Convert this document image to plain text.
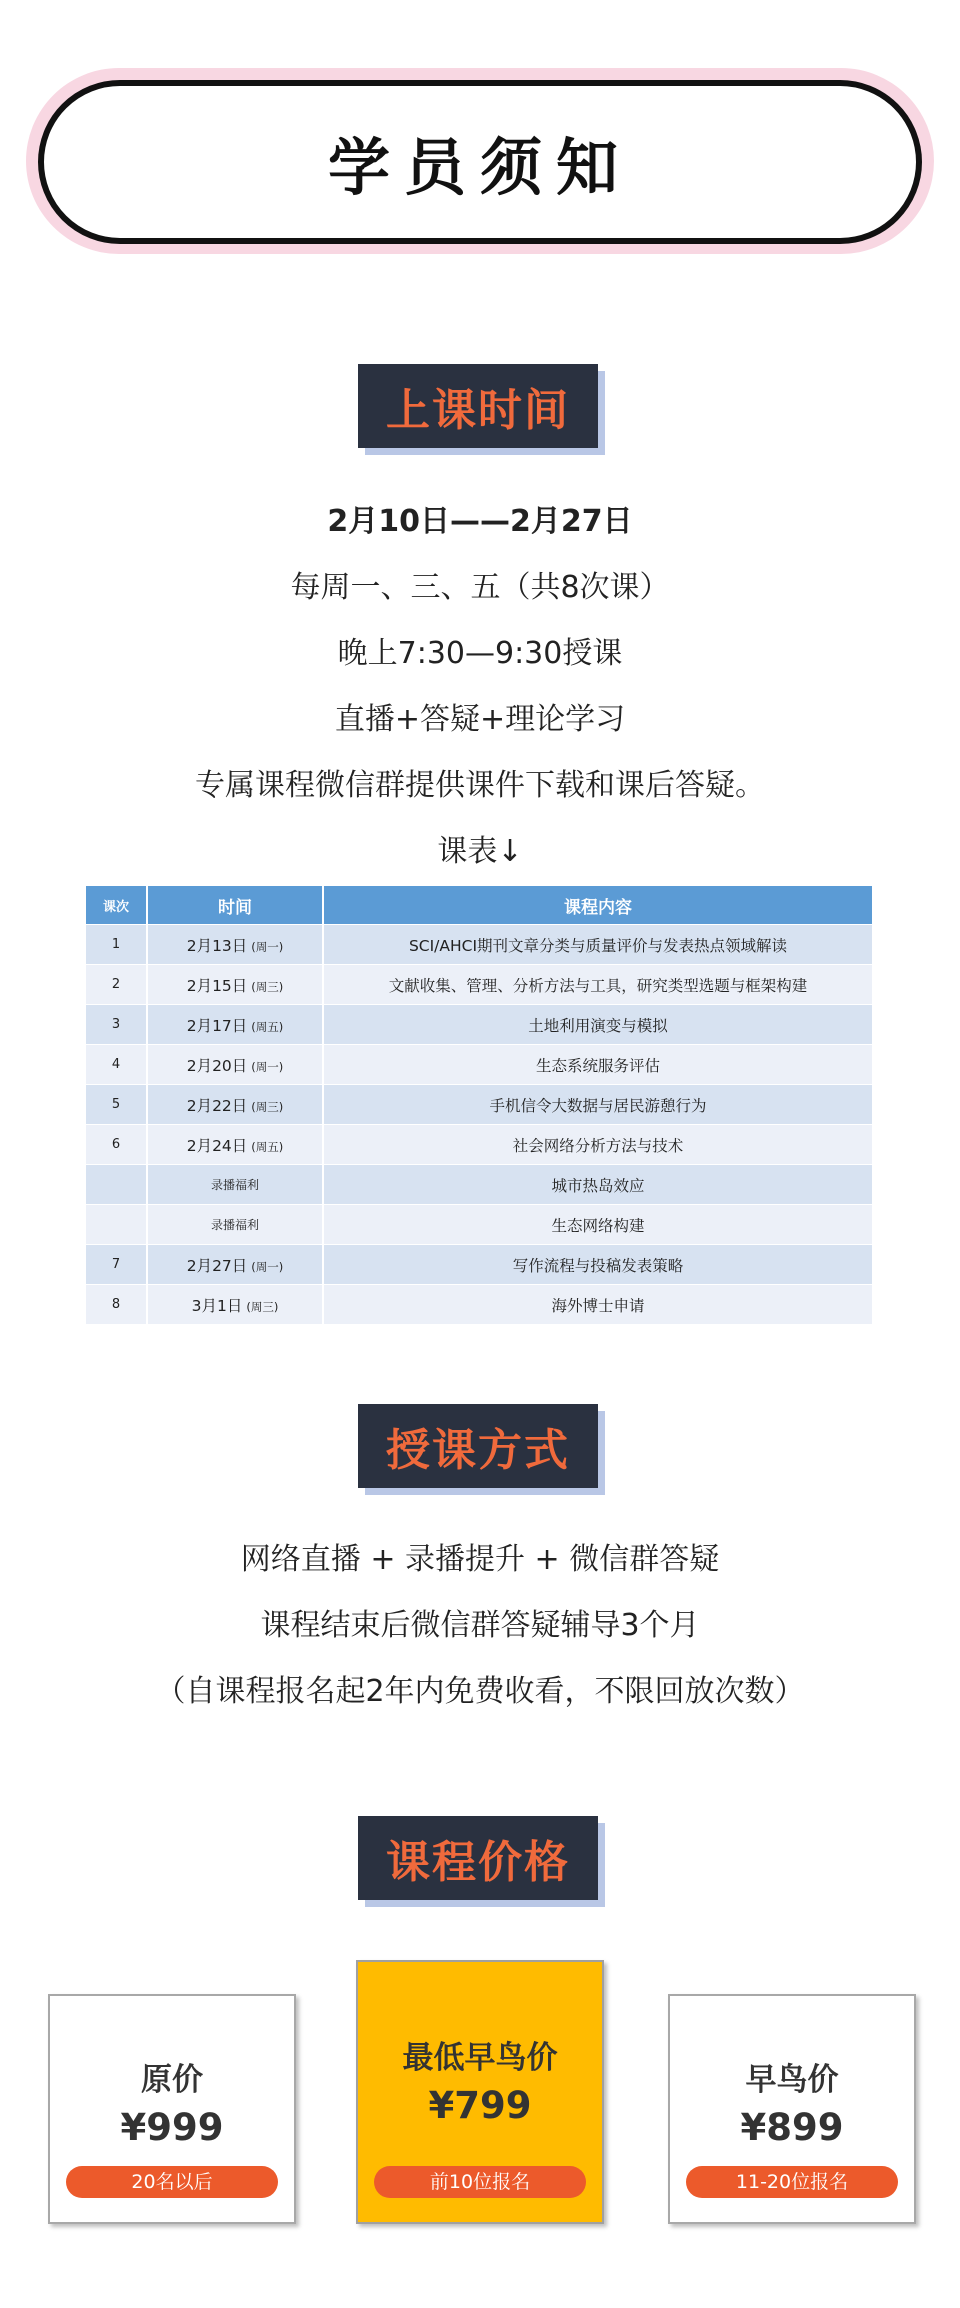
学员须知
上课时间
2月10日——2月27日
每周一、三、五（共8次课）
晚上7:30—9:30授课
直播+答疑+理论学习
专属课程微信群提供课件下载和课后答疑。
课表↓
课次	时间	课程内容
1	2月13日 (周一)	SCI/AHCI期刊文章分类与质量评价与发表热点领域解读
2	2月15日 (周三)	文献收集、管理、分析方法与工具，研究类型选题与框架构建
3	2月17日 (周五)	土地利用演变与模拟
4	2月20日 (周一)	生态系统服务评估
5	2月22日 (周三)	手机信令大数据与居民游憩行为
6	2月24日 (周五)	社会网络分析方法与技术
	录播福利	城市热岛效应
	录播福利	生态网络构建
7	2月27日 (周一)	写作流程与投稿发表策略
8	3月1日 (周三)	海外博士申请
授课方式
网络直播 + 录播提升 + 微信群答疑
课程结束后微信群答疑辅导3个月
（自课程报名起2年内免费收看，不限回放次数）
课程价格
原价
¥999
20名以后
最低早鸟价
¥799
前10位报名
早鸟价
¥899
11-20位报名
